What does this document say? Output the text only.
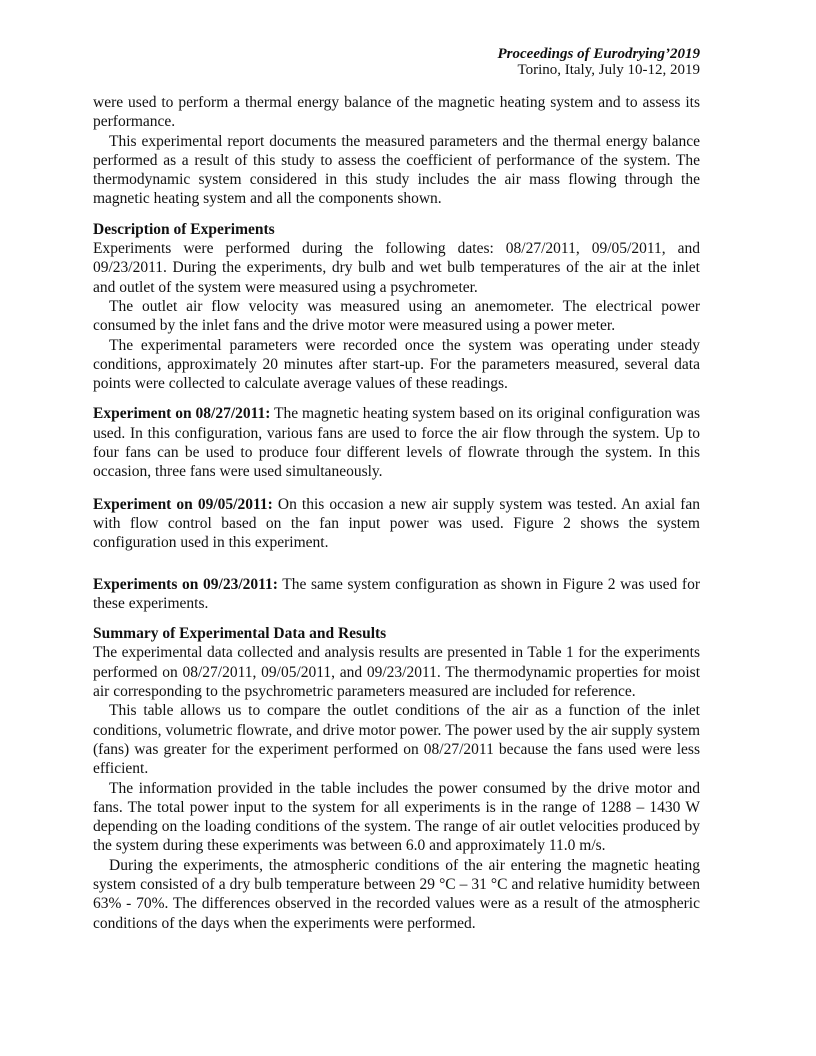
Proceedings of Eurodrying’2019
Torino, Italy, July 10-12, 2019

were used to perform a thermal energy balance of the magnetic heating system and to assess its performance.

This experimental report documents the measured parameters and the thermal energy balance performed as a result of this study to assess the coefficient of performance of the system. The thermodynamic system considered in this study includes the air mass flowing through the magnetic heating system and all the components shown.

Description of Experiments

Experiments were performed during the following dates: 08/27/2011, 09/05/2011, and 09/23/2011. During the experiments, dry bulb and wet bulb temperatures of the air at the inlet and outlet of the system were measured using a psychrometer.

The outlet air flow velocity was measured using an anemometer. The electrical power consumed by the inlet fans and the drive motor were measured using a power meter.

The experimental parameters were recorded once the system was operating under steady conditions, approximately 20 minutes after start-up. For the parameters measured, several data points were collected to calculate average values of these readings.

Experiment on 08/27/2011: The magnetic heating system based on its original configuration was used. In this configuration, various fans are used to force the air flow through the system. Up to four fans can be used to produce four different levels of flowrate through the system. In this occasion, three fans were used simultaneously.

Experiment on 09/05/2011: On this occasion a new air supply system was tested. An axial fan with flow control based on the fan input power was used. Figure 2 shows the system configuration used in this experiment.

Experiments on 09/23/2011: The same system configuration as shown in Figure 2 was used for these experiments.

Summary of Experimental Data and Results

The experimental data collected and analysis results are presented in Table 1 for the experiments performed on 08/27/2011, 09/05/2011, and 09/23/2011. The thermodynamic properties for moist air corresponding to the psychrometric parameters measured are included for reference.

This table allows us to compare the outlet conditions of the air as a function of the inlet conditions, volumetric flowrate, and drive motor power. The power used by the air supply system (fans) was greater for the experiment performed on 08/27/2011 because the fans used were less efficient.

The information provided in the table includes the power consumed by the drive motor and fans. The total power input to the system for all experiments is in the range of 1288 – 1430 W depending on the loading conditions of the system. The range of air outlet velocities produced by the system during these experiments was between 6.0 and approximately 11.0 m/s.

During the experiments, the atmospheric conditions of the air entering the magnetic heating system consisted of a dry bulb temperature between 29 °C – 31 °C and relative humidity between 63% - 70%. The differences observed in the recorded values were as a result of the atmospheric conditions of the days when the experiments were performed.
